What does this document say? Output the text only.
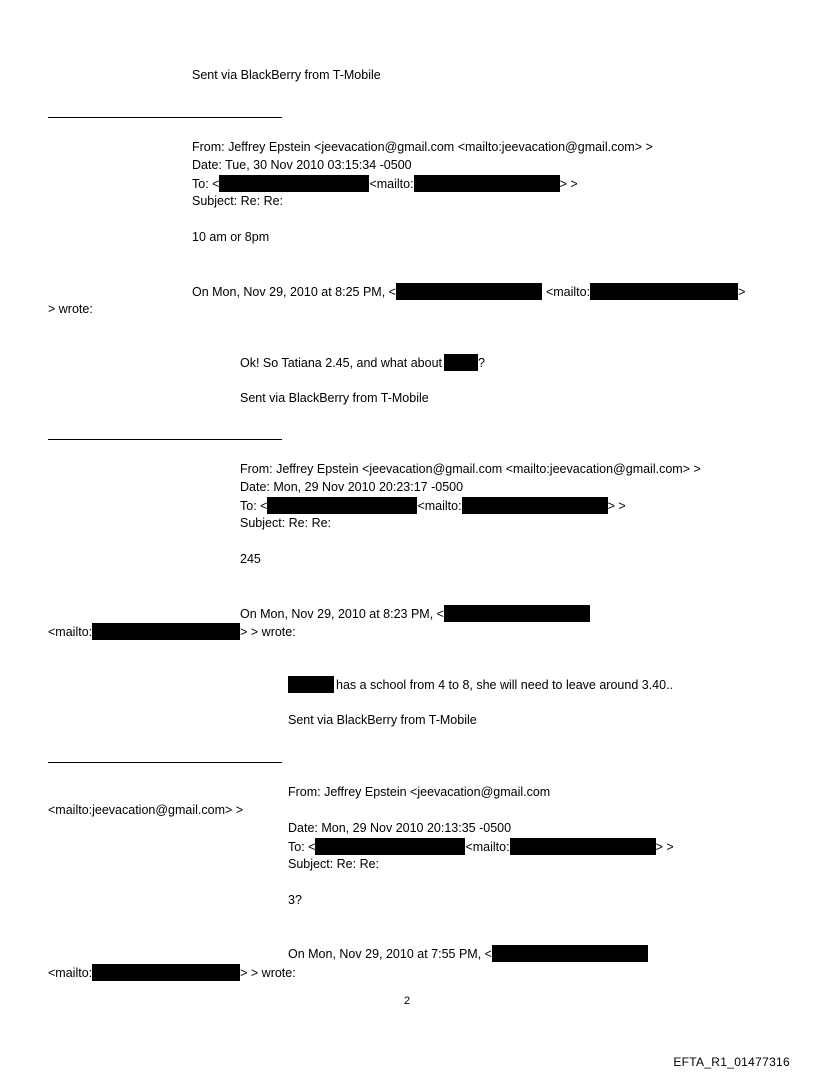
Sent via BlackBerry from T-Mobile
From: Jeffrey Epstein <jeevacation@gmail.com <mailto:jeevacation@gmail.com> >
Date: Tue, 30 Nov 2010 03:15:34 -0500
To: <	<mailto:	> >
Subject: Re: Re:
10 am or 8pm
On Mon, Nov 29, 2010 at 8:25 PM, <	<mailto:	>
> wrote:
Ok! So Tatiana 2.45, and what about	?
Sent via BlackBerry from T-Mobile
From: Jeffrey Epstein <jeevacation@gmail.com <mailto:jeevacation@gmail.com> >
Date: Mon, 29 Nov 2010 20:23:17 -0500
To: <	<mailto:	> >
Subject: Re: Re:
245
On Mon, Nov 29, 2010 at 8:23 PM, <
<mailto:	> > wrote:
has a school from 4 to 8, she will need to leave around 3.40..
Sent via BlackBerry from T-Mobile
From: Jeffrey Epstein <jeevacation@gmail.com
<mailto:jeevacation@gmail.com> >
Date: Mon, 29 Nov 2010 20:13:35 -0500
To: <	<mailto:	> >
Subject: Re: Re:
3?
On Mon, Nov 29, 2010 at 7:55 PM, <
<mailto:	> > wrote:
2
EFTA_R1_01477316
